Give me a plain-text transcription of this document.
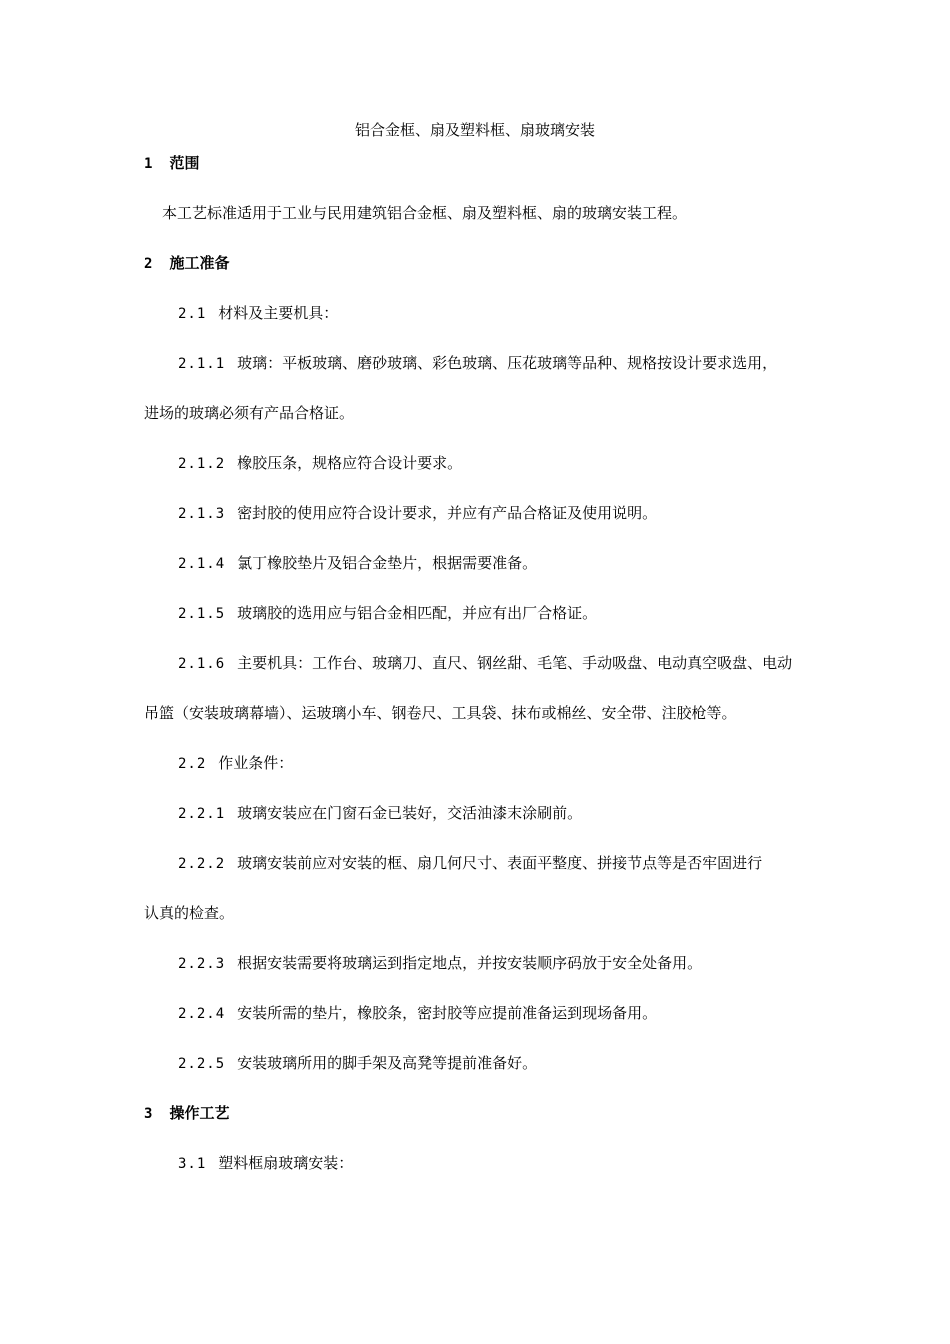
铝合金框、扇及塑料框、扇玻璃安装
1 范围
本工艺标准适用于工业与民用建筑铝合金框、扇及塑料框、扇的玻璃安装工程。
2 施工准备
2.1 材料及主要机具：
2.1.1 玻璃：平板玻璃、磨砂玻璃、彩色玻璃、压花玻璃等品种、规格按设计要求选用，
进场的玻璃必须有产品合格证。
2.1.2 橡胶压条，规格应符合设计要求。
2.1.3 密封胶的使用应符合设计要求，并应有产品合格证及使用说明。
2.1.4 氯丁橡胶垫片及铝合金垫片，根据需要准备。
2.1.5 玻璃胶的选用应与铝合金相匹配，并应有出厂合格证。
2.1.6 主要机具：工作台、玻璃刀、直尺、钢丝甜、毛笔、手动吸盘、电动真空吸盘、电动
吊篮（安装玻璃幕墙）、运玻璃小车、钢卷尺、工具袋、抹布或棉丝、安全带、注胶枪等。
2.2 作业条件：
2.2.1 玻璃安装应在门窗石金已装好，交活油漆末涂刷前。
2.2.2 玻璃安装前应对安装的框、扇几何尺寸、表面平整度、拼接节点等是否牢固进行
认真的检查。
2.2.3 根据安装需要将玻璃运到指定地点，并按安装顺序码放于安全处备用。
2.2.4 安装所需的垫片，橡胶条，密封胶等应提前准备运到现场备用。
2.2.5 安装玻璃所用的脚手架及高凳等提前准备好。
3 操作工艺
3.1 塑料框扇玻璃安装：
